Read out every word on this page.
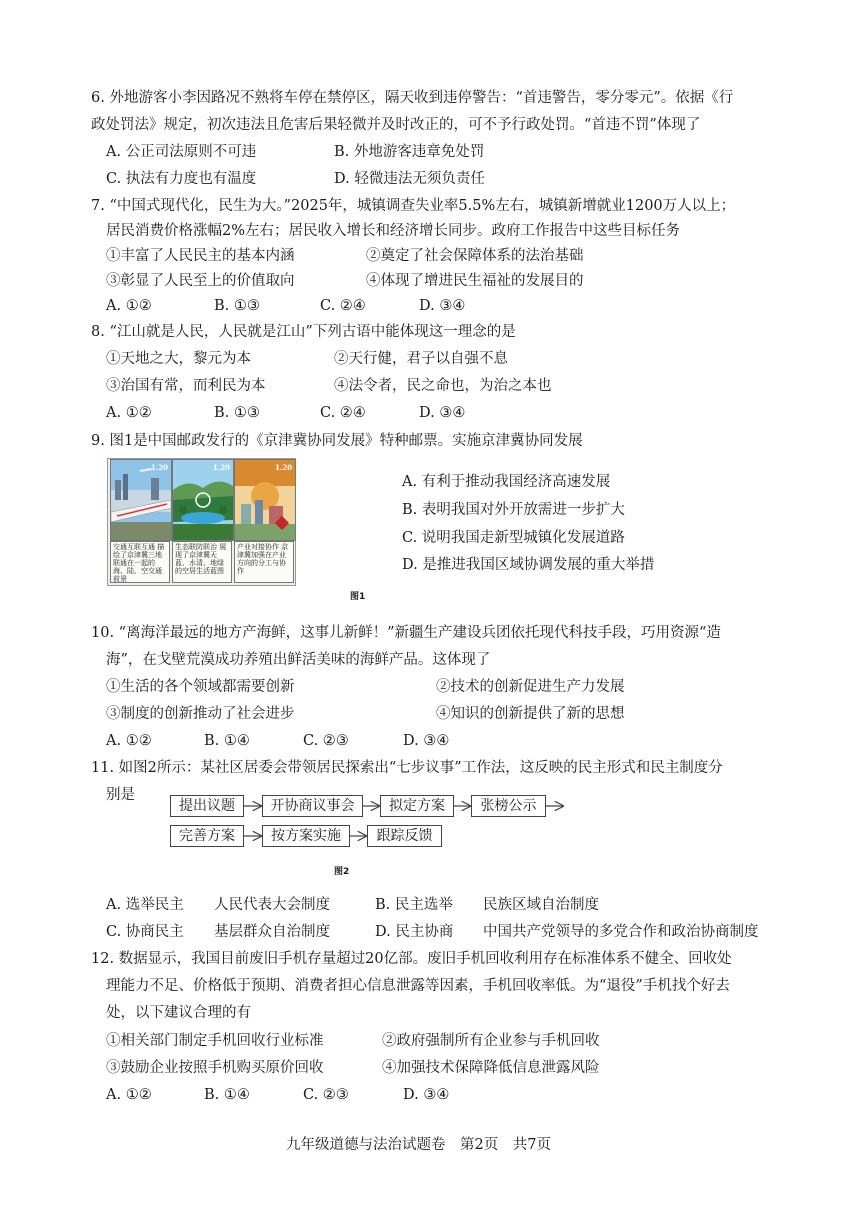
6. 外地游客小李因路况不熟将车停在禁停区，隔天收到违停警告：“首违警告，零分零元”。依据《行
政处罚法》规定，初次违法且危害后果轻微并及时改正的，可不予行政处罚。“首违不罚”体现了
A. 公正司法原则不可违	B. 外地游客违章免处罚
C. 执法有力度也有温度	D. 轻微违法无须负责任
7. “中国式现代化，民生为大。”2025年，城镇调查失业率5.5%左右，城镇新增就业1200万人以上；
居民消费价格涨幅2%左右；居民收入增长和经济增长同步。政府工作报告中这些目标任务
①丰富了人民民主的基本内涵	②奠定了社会保障体系的法治基础
③彰显了人民至上的价值取向	④体现了增进民生福祉的发展目的
A. ①②	B. ①③	C. ②④	D. ③④
8. “江山就是人民，人民就是江山”下列古语中能体现这一理念的是
①天地之大，黎元为本	②天行健，君子以自强不息
③治国有常，而利民为本	④法令者，民之命也，为治之本也
A. ①②	B. ①③	C. ②④	D. ③④
9. 图1是中国邮政发行的《京津冀协同发展》特种邮票。实施京津冀协同发展
1.20
交通互联互通 描绘了京津冀三地联通在一起的海、陆、空交通前景
1.20
生态联防联治 展现了京津冀天蓝、水清、地绿的空居生活蓝图
1.20
产业对接协作 京津冀加强在产业方向的分工与协作
A. 有利于推动我国经济高速发展
B. 表明我国对外开放需进一步扩大
C. 说明我国走新型城镇化发展道路
D. 是推进我国区域协调发展的重大举措
图1
10. “离海洋最远的地方产海鲜，这事儿新鲜！”新疆生产建设兵团依托现代科技手段，巧用资源“造
海”，在戈壁荒漠成功养殖出鲜活美味的海鲜产品。这体现了
①生活的各个领域都需要创新	②技术的创新促进生产力发展
③制度的创新推动了社会进步	④知识的创新提供了新的思想
A. ①②	B. ①④	C. ②③	D. ③④
11. 如图2所示：某社区居委会带领居民探索出“七步议事”工作法，这反映的民主形式和民主制度分
别是
提出议题	开协商议事会	拟定方案	张榜公示
完善方案	按方案实施	跟踪反馈
图2
A. 选举民主 人民代表大会制度	B. 民主选举 民族区域自治制度
C. 协商民主 基层群众自治制度	D. 民主协商 中国共产党领导的多党合作和政治协商制度
12. 数据显示，我国目前废旧手机存量超过20亿部。废旧手机回收利用存在标准体系不健全、回收处
理能力不足、价格低于预期、消费者担心信息泄露等因素，手机回收率低。为“退役”手机找个好去
处，以下建议合理的有
①相关部门制定手机回收行业标准	②政府强制所有企业参与手机回收
③鼓励企业按照手机购买原价回收	④加强技术保障降低信息泄露风险
A. ①②	B. ①④	C. ②③	D. ③④
九年级道德与法治试题卷　第2页　共7页
